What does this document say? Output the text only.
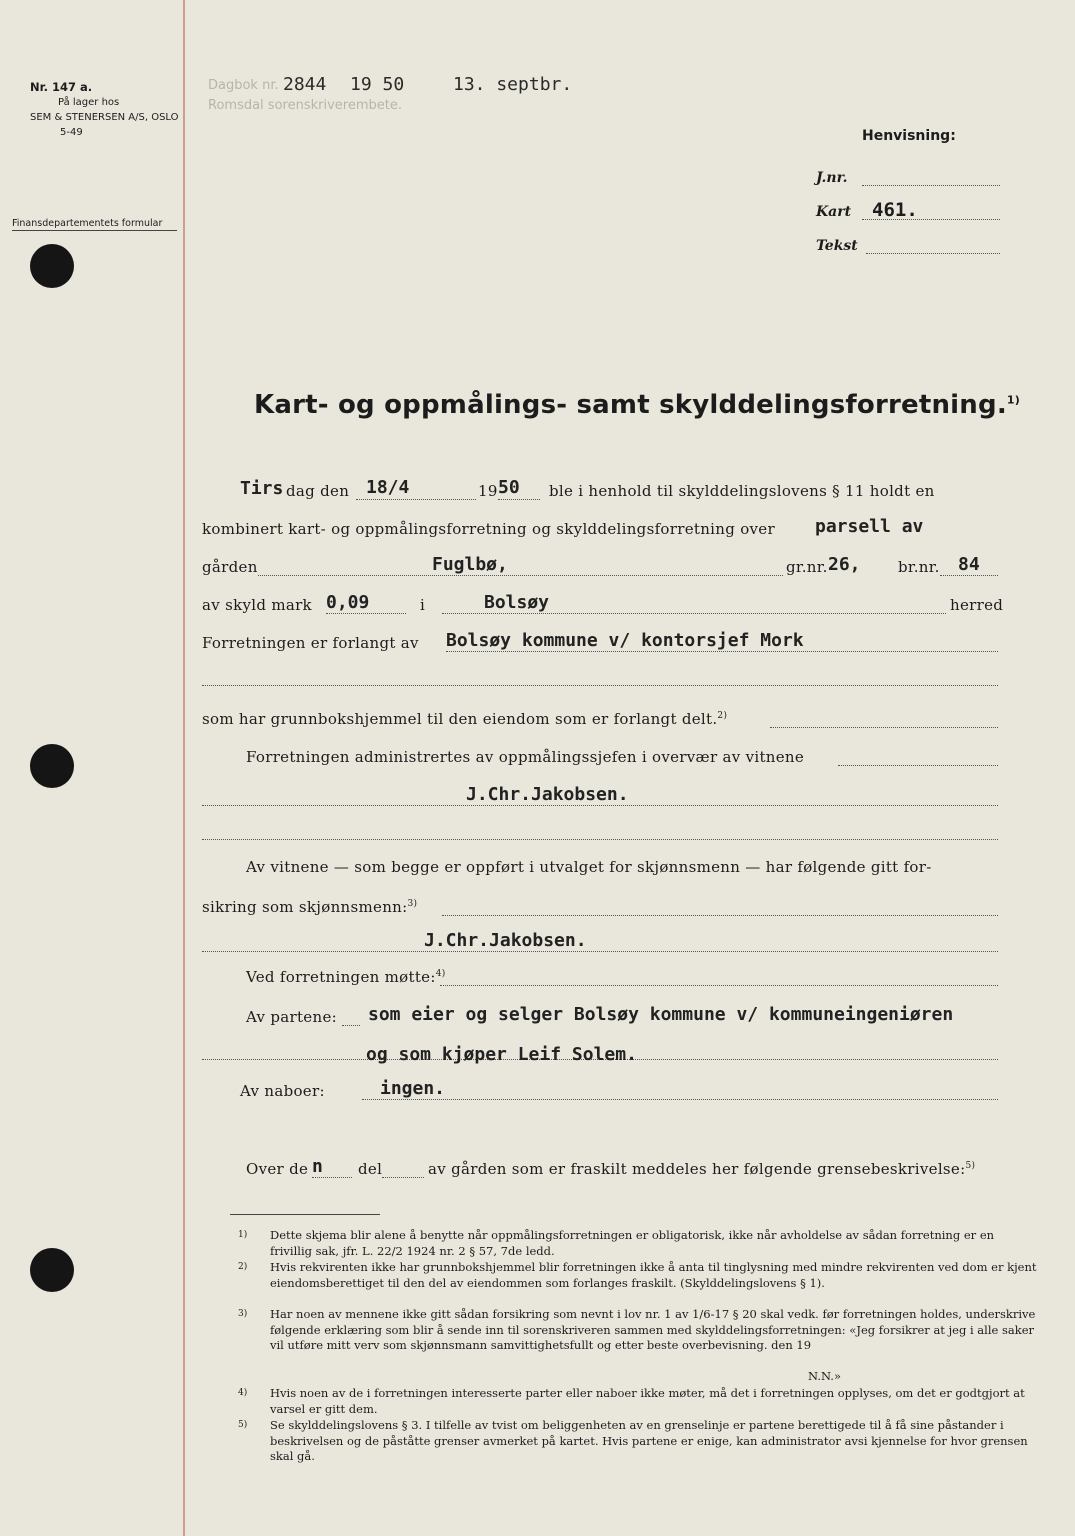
Nr. 147 a.
På lager hos
SEM & STENERSEN A/S, OSLO
5-49
Finansdepartementets formular
Dagbok nr. 2844 19 50	13. septbr.
Romsdal sorenskriverembete.
Henvisning:
J.nr.
Kart 461.
Tekst
Kart- og oppmålings- samt skylddelingsforretning.$^{1)}$
Tirs dag den 18/4	19 50 ble i henhold til skylddelingslovens § 11 holdt en
kombinert kart- og oppmålingsforretning og skylddelingsforretning over parsell av
gården	Fuglbø,	gr.nr. 26, br.nr. 84
av skyld mark 0,09	i	Bolsøy	herred
Forretningen er forlangt av Bolsøy kommune v/ kontorsjef Mork
som har grunnbokshjemmel til den eiendom som er forlangt delt.$^{2)}$
Forretningen administrertes av oppmålingssjefen i overvær av vitnene
J.Chr.Jakobsen.
Av vitnene — som begge er oppført i utvalget for skjønnsmenn — har følgende gitt for-
sikring som skjønnsmenn:$^{3)}$
J.Chr.Jakobsen.
Ved forretningen møtte:$^{4)}$
Av partene: som eier og selger Bolsøy kommune v/ kommuneingeniøren
og som kjøper Leif Solem.
Av naboer:	ingen.
Over de n del	av gården som er fraskilt meddeles her følgende grensebeskrivelse:$^{5)}$
1) Dette skjema blir alene å benytte når oppmålingsforretningen er obligatorisk, ikke når avholdelse av sådan forretning er en frivillig sak, jfr. L. 22/2 1924 nr. 2 § 57, 7de ledd.
2) Hvis rekvirenten ikke har grunnbokshjemmel blir forretningen ikke å anta til tinglysning med mindre rekvirenten ved dom er kjent eiendomsberettiget til den del av eiendommen som forlanges fraskilt. (Skylddelingslovens § 1).
3) Har noen av mennene ikke gitt sådan forsikring som nevnt i lov nr. 1 av 1/6-17 § 20 skal vedk. før forretningen holdes, underskrive følgende erklæring som blir å sende inn til sorenskriveren sammen med skylddelingsforretningen: «Jeg forsikrer at jeg i alle saker vil utføre mitt verv som skjønnsmann samvittighetsfullt og etter beste overbevisning. den 19
N.N.»
4) Hvis noen av de i forretningen interesserte parter eller naboer ikke møter, må det i forretningen opplyses, om det er godtgjort at varsel er gitt dem.
5) Se skylddelingslovens § 3. I tilfelle av tvist om beliggenheten av en grenselinje er partene berettigede til å få sine påstander i beskrivelsen og de påståtte grenser avmerket på kartet. Hvis partene er enige, kan administrator avsi kjennelse for hvor grensen skal gå.
